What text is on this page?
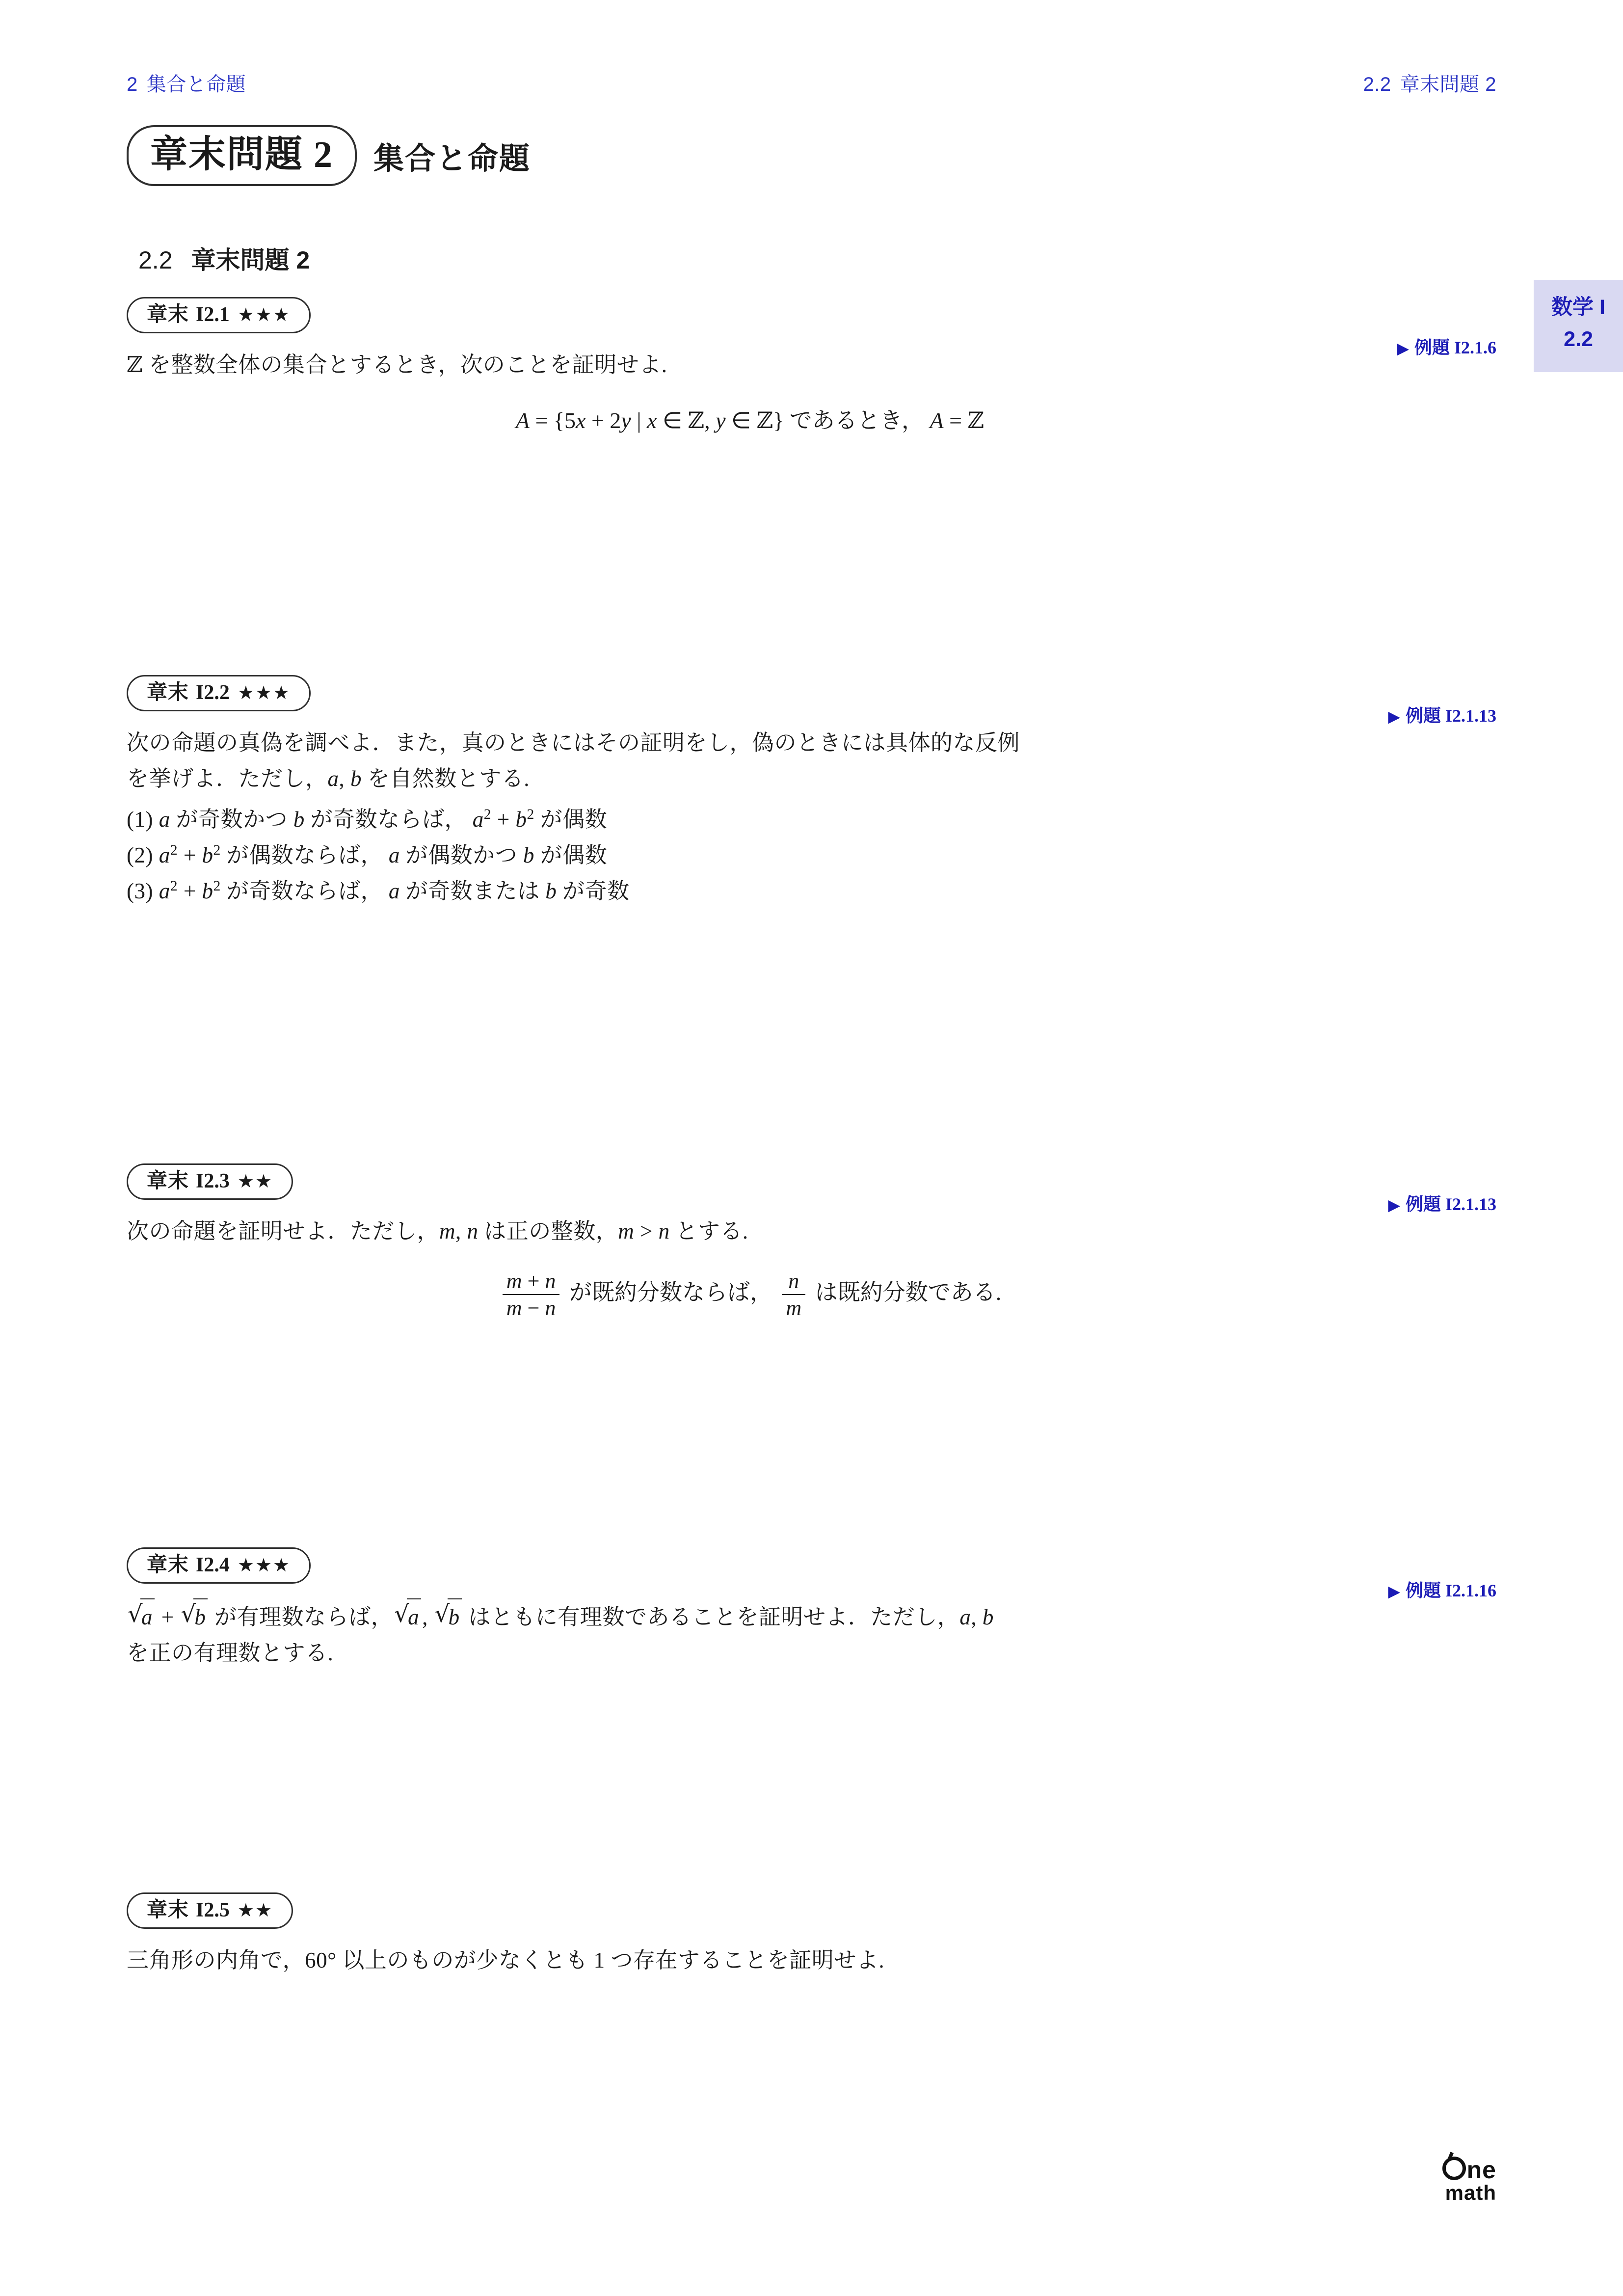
2 集合と命題	2.2 章末問題 2
章末問題 2	集合と命題
2.2 章末問題 2
数学 I
2.2
章末 I2.1 ★★★
ℤ を整数全体の集合とするとき，次のことを証明せよ.
A = {5x + 2y | x ∈ ℤ, y ∈ ℤ} であるとき， A = ℤ
▶ 例題 I2.1.6
章末 I2.2 ★★★
次の命題の真偽を調べよ．また，真のときにはその証明をし，偽のときには具体的な反例
を挙げよ．ただし，a, b を自然数とする.
(1) a が奇数かつ b が奇数ならば， $a^2 + b^2$ が偶数
(2) $a^2 + b^2$ が偶数ならば， a が偶数かつ b が偶数
(3) $a^2 + b^2$ が奇数ならば， a が奇数または b が奇数
▶ 例題 I2.1.13
章末 I2.3 ★★
次の命題を証明せよ．ただし，m, n は正の整数，m > n とする.
$\frac{m + n}{m - n}$ が既約分数ならば， $\frac{n}{m}$ は既約分数である.
▶ 例題 I2.1.13
章末 I2.4 ★★★
√ a + √ b が有理数ならば， √ a , √ b はともに有理数であることを証明せよ．ただし，a, b
を正の有理数とする.
▶ 例題 I2.1.16
章末 I2.5 ★★
三角形の内角で，60° 以上のものが少なくとも 1 つ存在することを証明せよ.
ne
math
